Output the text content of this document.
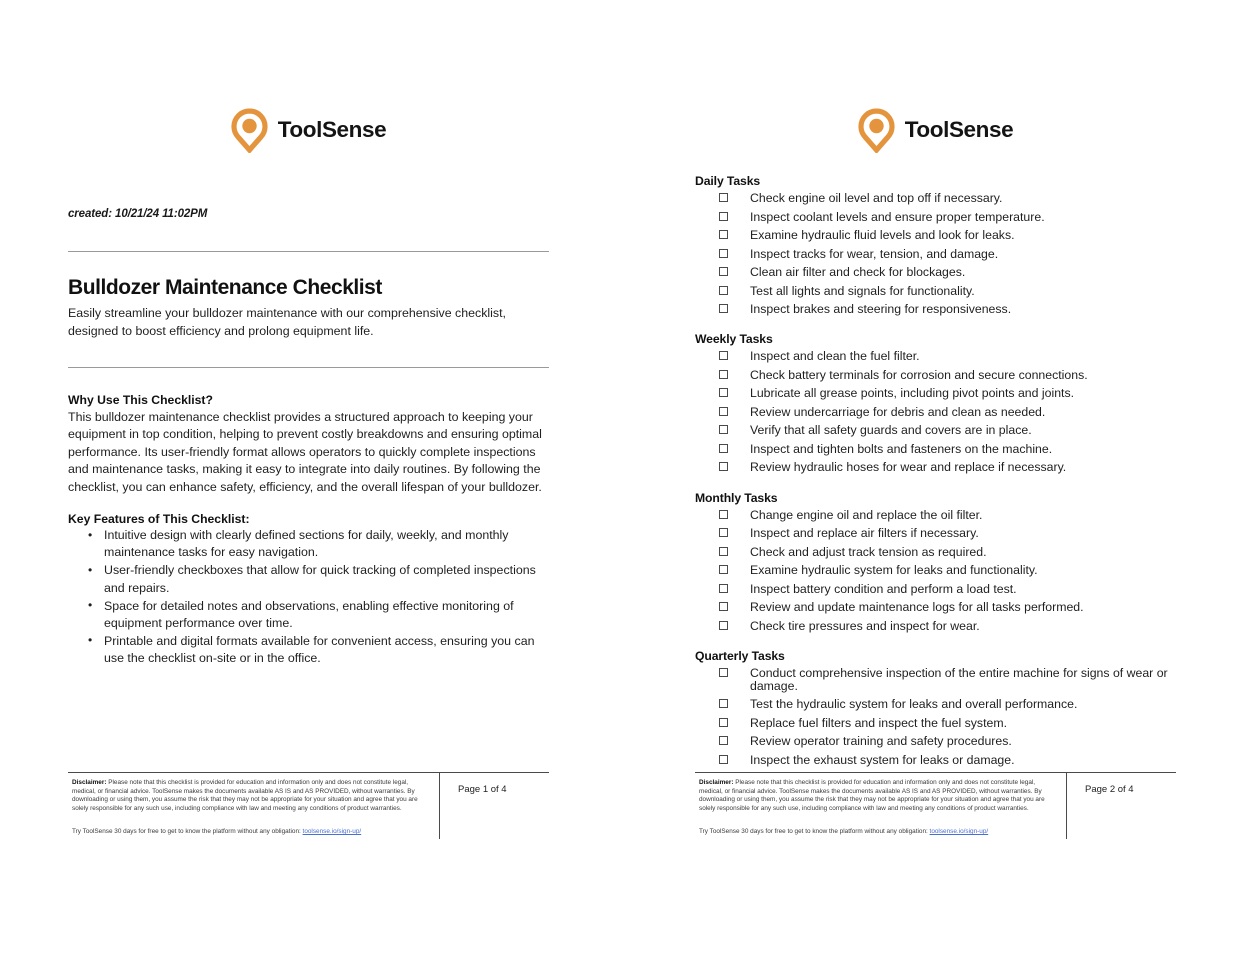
ToolSense
created: 10/21/24 11:02PM
Bulldozer Maintenance Checklist

Easily streamline your bulldozer maintenance with our comprehensive checklist, designed to boost efficiency and prolong equipment life.

Why Use This Checklist?

This bulldozer maintenance checklist provides a structured approach to keeping your equipment in top condition, helping to prevent costly breakdowns and ensuring optimal performance. Its user-friendly format allows operators to quickly complete inspections and maintenance tasks, making it easy to integrate into daily routines. By following the checklist, you can enhance safety, efficiency, and the overall lifespan of your bulldozer.

Key Features of This Checklist:
• Intuitive design with clearly defined sections for daily, weekly, and monthly maintenance tasks for easy navigation.
• User-friendly checkboxes that allow for quick tracking of completed inspections and repairs.
• Space for detailed notes and observations, enabling effective monitoring of equipment performance over time.
• Printable and digital formats available for convenient access, ensuring you can use the checklist on-site or in the office.

Disclaimer: Please note that this checklist is provided for education and information only and does not constitute legal, medical, or financial advice. ToolSense makes the documents available AS IS and AS PROVIDED, without warranties. By downloading or using them, you assume the risk that they may not be appropriate for your situation and agree that you are solely responsible for any such use, including compliance with law and meeting any conditions of product warranties.

Try ToolSense 30 days for free to get to know the platform without any obligation: toolsense.io/sign-up/

Page 1 of 4
ToolSense
Daily Tasks
Check engine oil level and top off if necessary.
Inspect coolant levels and ensure proper temperature.
Examine hydraulic fluid levels and look for leaks.
Inspect tracks for wear, tension, and damage.
Clean air filter and check for blockages.
Test all lights and signals for functionality.
Inspect brakes and steering for responsiveness.
Weekly Tasks
Inspect and clean the fuel filter.
Check battery terminals for corrosion and secure connections.
Lubricate all grease points, including pivot points and joints.
Review undercarriage for debris and clean as needed.
Verify that all safety guards and covers are in place.
Inspect and tighten bolts and fasteners on the machine.
Review hydraulic hoses for wear and replace if necessary.
Monthly Tasks
Change engine oil and replace the oil filter.
Inspect and replace air filters if necessary.
Check and adjust track tension as required.
Examine hydraulic system for leaks and functionality.
Inspect battery condition and perform a load test.
Review and update maintenance logs for all tasks performed.
Check tire pressures and inspect for wear.
Quarterly Tasks
Conduct comprehensive inspection of the entire machine for signs of wear or damage.
Test the hydraulic system for leaks and overall performance.
Replace fuel filters and inspect the fuel system.
Review operator training and safety procedures.
Inspect the exhaust system for leaks or damage.

Disclaimer: Please note that this checklist is provided for education and information only and does not constitute legal, medical, or financial advice. ToolSense makes the documents available AS IS and AS PROVIDED, without warranties. By downloading or using them, you assume the risk that they may not be appropriate for your situation and agree that you are solely responsible for any such use, including compliance with law and meeting any conditions of product warranties.

Try ToolSense 30 days for free to get to know the platform without any obligation: toolsense.io/sign-up/

Page 2 of 4
